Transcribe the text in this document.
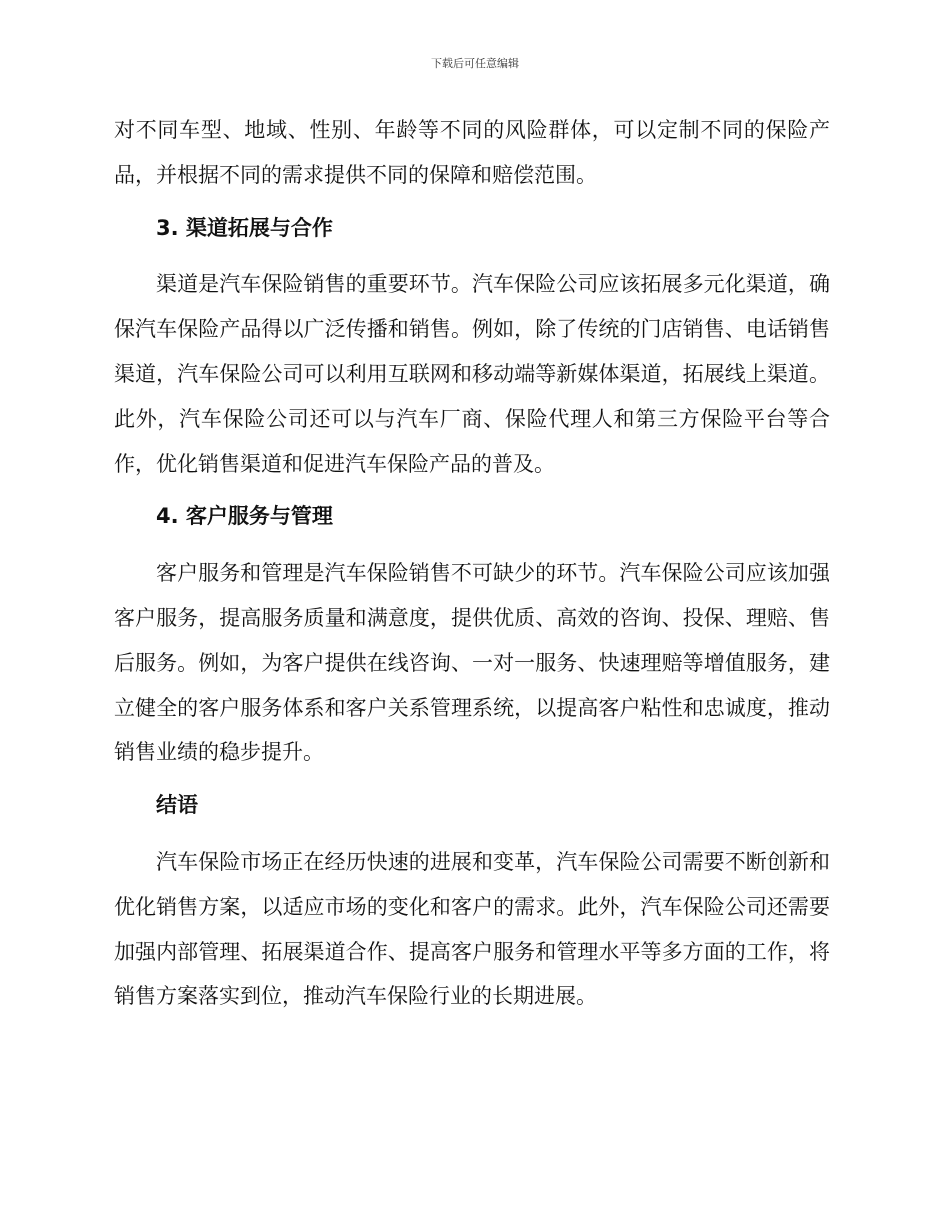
下载后可任意编辑

对不同车型、地域、性别、年龄等不同的风险群体，可以定制不同的保险产品，并根据不同的需求提供不同的保障和赔偿范围。

3. 渠道拓展与合作

渠道是汽车保险销售的重要环节。汽车保险公司应该拓展多元化渠道，确保汽车保险产品得以广泛传播和销售。例如，除了传统的门店销售、电话销售渠道，汽车保险公司可以利用互联网和移动端等新媒体渠道，拓展线上渠道。此外，汽车保险公司还可以与汽车厂商、保险代理人和第三方保险平台等合作，优化销售渠道和促进汽车保险产品的普及。

4. 客户服务与管理

客户服务和管理是汽车保险销售不可缺少的环节。汽车保险公司应该加强客户服务，提高服务质量和满意度，提供优质、高效的咨询、投保、理赔、售后服务。例如，为客户提供在线咨询、一对一服务、快速理赔等增值服务，建立健全的客户服务体系和客户关系管理系统，以提高客户粘性和忠诚度，推动销售业绩的稳步提升。

结语

汽车保险市场正在经历快速的进展和变革，汽车保险公司需要不断创新和优化销售方案，以适应市场的变化和客户的需求。此外，汽车保险公司还需要加强内部管理、拓展渠道合作、提高客户服务和管理水平等多方面的工作，将销售方案落实到位，推动汽车保险行业的长期进展。
